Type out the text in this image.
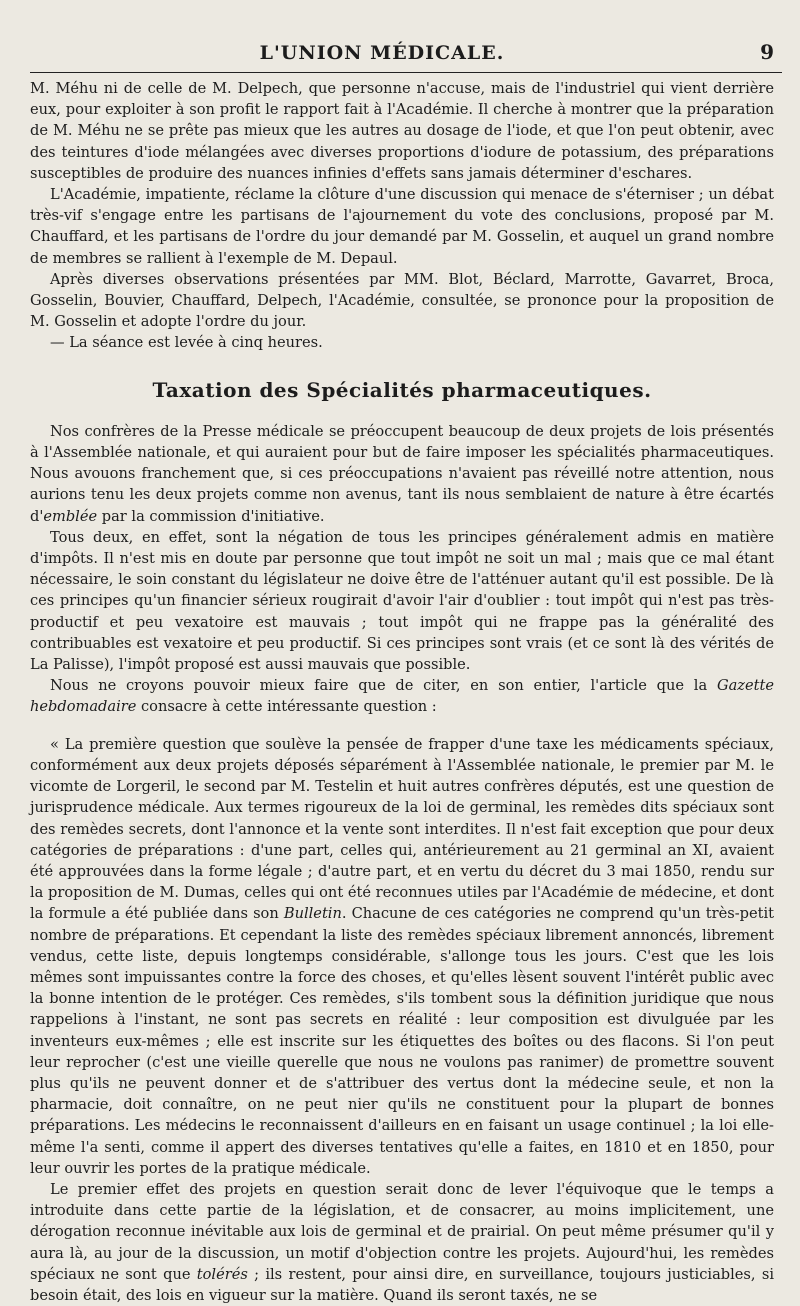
L'UNION MÉDICALE.	9

M. Méhu ni de celle de M. Delpech, que personne n'accuse, mais de l'industriel qui vient derrière eux, pour exploiter à son profit le rapport fait à l'Académie. Il cherche à montrer que la préparation de M. Méhu ne se prête pas mieux que les autres au dosage de l'iode, et que l'on peut obtenir, avec des teintures d'iode mélangées avec diverses proportions d'iodure de potassium, des préparations susceptibles de produire des nuances infinies d'effets sans jamais déterminer d'eschares.

L'Académie, impatiente, réclame la clôture d'une discussion qui menace de s'éterniser ; un débat très-vif s'engage entre les partisans de l'ajournement du vote des conclusions, proposé par M. Chauffard, et les partisans de l'ordre du jour demandé par M. Gosselin, et auquel un grand nombre de membres se rallient à l'exemple de M. Depaul.

Après diverses observations présentées par MM. Blot, Béclard, Marrotte, Gavarret, Broca, Gosselin, Bouvier, Chauffard, Delpech, l'Académie, consultée, se prononce pour la proposition de M. Gosselin et adopte l'ordre du jour.

— La séance est levée à cinq heures.

Taxation des Spécialités pharmaceutiques.

Nos confrères de la Presse médicale se préoccupent beaucoup de deux projets de lois présentés à l'Assemblée nationale, et qui auraient pour but de faire imposer les spécialités pharmaceutiques. Nous avouons franchement que, si ces préoccupations n'avaient pas réveillé notre attention, nous aurions tenu les deux projets comme non avenus, tant ils nous semblaient de nature à être écartés d'emblée par la commission d'initiative.

Tous deux, en effet, sont la négation de tous les principes généralement admis en matière d'impôts. Il n'est mis en doute par personne que tout impôt ne soit un mal ; mais que ce mal étant nécessaire, le soin constant du législateur ne doive être de l'atténuer autant qu'il est possible. De là ces principes qu'un financier sérieux rougirait d'avoir l'air d'oublier : tout impôt qui n'est pas très-productif et peu vexatoire est mauvais ; tout impôt qui ne frappe pas la généralité des contribuables est vexatoire et peu productif. Si ces principes sont vrais (et ce sont là des vérités de La Palisse), l'impôt proposé est aussi mauvais que possible.

Nous ne croyons pouvoir mieux faire que de citer, en son entier, l'article que la Gazette hebdomadaire consacre à cette intéressante question :

« La première question que soulève la pensée de frapper d'une taxe les médicaments spéciaux, conformément aux deux projets déposés séparément à l'Assemblée nationale, le premier par M. le vicomte de Lorgeril, le second par M. Testelin et huit autres confrères députés, est une question de jurisprudence médicale. Aux termes rigoureux de la loi de germinal, les remèdes dits spéciaux sont des remèdes secrets, dont l'annonce et la vente sont interdites. Il n'est fait exception que pour deux catégories de préparations : d'une part, celles qui, antérieurement au 21 germinal an XI, avaient été approuvées dans la forme légale ; d'autre part, et en vertu du décret du 3 mai 1850, rendu sur la proposition de M. Dumas, celles qui ont été reconnues utiles par l'Académie de médecine, et dont la formule a été publiée dans son Bulletin. Chacune de ces catégories ne comprend qu'un très-petit nombre de préparations. Et cependant la liste des remèdes spéciaux librement annoncés, librement vendus, cette liste, depuis longtemps considérable, s'allonge tous les jours. C'est que les lois mêmes sont impuissantes contre la force des choses, et qu'elles lèsent souvent l'intérêt public avec la bonne intention de le protéger. Ces remèdes, s'ils tombent sous la définition juridique que nous rappelions à l'instant, ne sont pas secrets en réalité : leur composition est divulguée par les inventeurs eux-mêmes ; elle est inscrite sur les étiquettes des boîtes ou des flacons. Si l'on peut leur reprocher (c'est une vieille querelle que nous ne voulons pas ranimer) de promettre souvent plus qu'ils ne peuvent donner et de s'attribuer des vertus dont la médecine seule, et non la pharmacie, doit connaître, on ne peut nier qu'ils ne constituent pour la plupart de bonnes préparations. Les médecins le reconnaissent d'ailleurs en en faisant un usage continuel ; la loi elle-même l'a senti, comme il appert des diverses tentatives qu'elle a faites, en 1810 et en 1850, pour leur ouvrir les portes de la pratique médicale.

Le premier effet des projets en question serait donc de lever l'équivoque que le temps a introduite dans cette partie de la législation, et de consacrer, au moins implicitement, une dérogation reconnue inévitable aux lois de germinal et de prairial. On peut même présumer qu'il y aura là, au jour de la discussion, un motif d'objection contre les projets. Aujourd'hui, les remèdes spéciaux ne sont que tolérés ; ils restent, pour ainsi dire, en surveillance, toujours justiciables, si besoin était, des lois en vigueur sur la matière. Quand ils seront taxés, ne se
